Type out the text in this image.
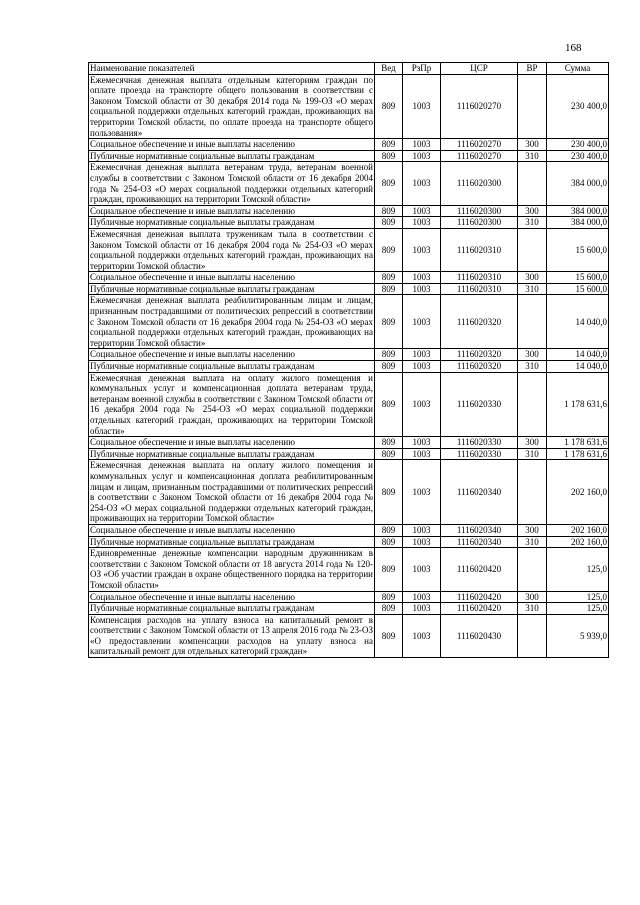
168
Наименование показателей	Вед	РзПр	ЦСР	ВР	Сумма
Ежемесячная денежная выплата отдельным категориям граждан по оплате проезда на транспорте общего пользования в соответствии с Законом Томской области от 30 декабря 2014 года № 199-ОЗ «О мерах социальной поддержки отдельных категорий граждан, проживающих на территории Томской области, по оплате проезда на транспорте общего пользования»	809	1003	1116020270		230 400,0
Социальное обеспечение и иные выплаты населению	809	1003	1116020270	300	230 400,0
Публичные нормативные социальные выплаты гражданам	809	1003	1116020270	310	230 400,0
Ежемесячная денежная выплата ветеранам труда, ветеранам военной службы в соответствии с Законом Томской области от 16 декабря 2004 года № 254-ОЗ «О мерах социальной поддержки отдельных категорий граждан, проживающих на территории Томской области»	809	1003	1116020300		384 000,0
Социальное обеспечение и иные выплаты населению	809	1003	1116020300	300	384 000,0
Публичные нормативные социальные выплаты гражданам	809	1003	1116020300	310	384 000,0
Ежемесячная денежная выплата труженикам тыла в соответствии с Законом Томской области от 16 декабря 2004 года № 254-ОЗ «О мерах социальной поддержки отдельных категорий граждан, проживающих на территории Томской области»	809	1003	1116020310		15 600,0
Социальное обеспечение и иные выплаты населению	809	1003	1116020310	300	15 600,0
Публичные нормативные социальные выплаты гражданам	809	1003	1116020310	310	15 600,0
Ежемесячная денежная выплата реабилитированным лицам и лицам, признанным пострадавшими от политических репрессий в соответствии с Законом Томской области от 16 декабря 2004 года № 254-ОЗ «О мерах социальной поддержки отдельных категорий граждан, проживающих на территории Томской области»	809	1003	1116020320		14 040,0
Социальное обеспечение и иные выплаты населению	809	1003	1116020320	300	14 040,0
Публичные нормативные социальные выплаты гражданам	809	1003	1116020320	310	14 040,0
Ежемесячная денежная выплата на оплату жилого помещения и коммунальных услуг и компенсационная доплата ветеранам труда, ветеранам военной службы в соответствии с Законом Томской области от 16 декабря 2004 года № 254-ОЗ «О мерах социальной поддержки отдельных категорий граждан, проживающих на территории Томской области»	809	1003	1116020330		1 178 631,6
Социальное обеспечение и иные выплаты населению	809	1003	1116020330	300	1 178 631,6
Публичные нормативные социальные выплаты гражданам	809	1003	1116020330	310	1 178 631,6
Ежемесячная денежная выплата на оплату жилого помещения и коммунальных услуг и компенсационная доплата реабилитированным лицам и лицам, признанным пострадавшими от политических репрессий в соответствии с Законом Томской области от 16 декабря 2004 года № 254-ОЗ «О мерах социальной поддержки отдельных категорий граждан, проживающих на территории Томской области»	809	1003	1116020340		202 160,0
Социальное обеспечение и иные выплаты населению	809	1003	1116020340	300	202 160,0
Публичные нормативные социальные выплаты гражданам	809	1003	1116020340	310	202 160,0
Единовременные денежные компенсации народным дружинникам в соответствии с Законом Томской области от 18 августа 2014 года № 120-ОЗ «Об участии граждан в охране общественного порядка на территории Томской области»	809	1003	1116020420		125,0
Социальное обеспечение и иные выплаты населению	809	1003	1116020420	300	125,0
Публичные нормативные социальные выплаты гражданам	809	1003	1116020420	310	125,0
Компенсация расходов на уплату взноса на капитальный ремонт в соответствии с Законом Томской области от 13 апреля 2016 года № 23-ОЗ «О предоставлении компенсации расходов на уплату взноса на капитальный ремонт для отдельных категорий граждан»	809	1003	1116020430		5 939,0
